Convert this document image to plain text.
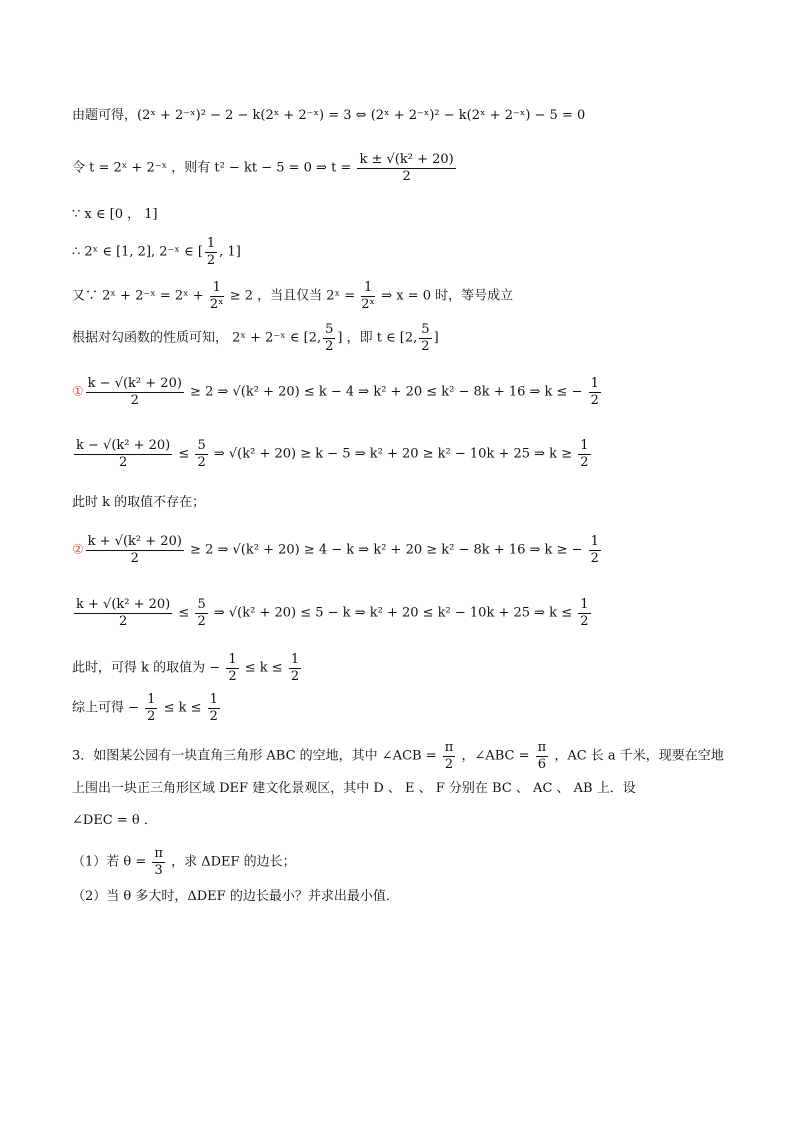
由题可得，(2ˣ + 2⁻ˣ)² − 2 − k(2ˣ + 2⁻ˣ) = 3 ⇔ (2ˣ + 2⁻ˣ)² − k(2ˣ + 2⁻ˣ) − 5 = 0
令 t = 2ˣ + 2⁻ˣ ，则有 t² − kt − 5 = 0 ⇒ $t = \frac{\text{k ± √(k² + 20)}}{2}$
∵ x ∈ [0 ， 1]
∴ 2ˣ ∈ [1, 2], 2⁻ˣ ∈ [ $\frac{1}{2}$ , 1]
又∵ 2ˣ + 2⁻ˣ = 2ˣ + $\frac{1}{\text{2ˣ}} \ge 2$ ，当且仅当 2ˣ = $\frac{1}{\text{2ˣ}}$ ⇒ x = 0 时，等号成立
根据对勾函数的性质可知， 2ˣ + 2⁻ˣ ∈ [2, $\frac{5}{2}$ ] ，即 t ∈ [2, $\frac{5}{2}$ ]
① $\frac{\text{k − √(k² + 20)}}{2} \ge 2$ ⇒ √(k² + 20) ≤ k − 4 ⇒ k² + 20 ≤ k² − 8k + 16 ⇒ k ≤ − $\frac{1}{2}$
$\frac{\text{k − √(k² + 20)}}{2} \le \frac{5}{2}$ ⇒ √(k² + 20) ≥ k − 5 ⇒ k² + 20 ≥ k² − 10k + 25 ⇒ $k \ge \frac{1}{2}$
此时 k 的取值不存在；
② $\frac{\text{k + √(k² + 20)}}{2} \ge 2$ ⇒ √(k² + 20) ≥ 4 − k ⇒ k² + 20 ≥ k² − 8k + 16 ⇒ k ≥ − $\frac{1}{2}$
$\frac{\text{k + √(k² + 20)}}{2} \le \frac{5}{2}$ ⇒ √(k² + 20) ≤ 5 − k ⇒ k² + 20 ≤ k² − 10k + 25 ⇒ $k \le \frac{1}{2}$
此时，可得 k 的取值为 − $\frac{1}{2} \le k \le \frac{1}{2}$
综上可得 − $\frac{1}{2} \le k \le \frac{1}{2}$
3．如图某公园有一块直角三角形 ABC 的空地，其中 ∠ACB = $\frac{\pi}{2}$ ，∠ABC = $\frac{\pi}{6}$ ，AC 长 a 千米，现要在空地
上围出一块正三角形区域 DEF 建文化景观区，其中 D 、 E 、 F 分别在 BC 、 AC 、 AB 上．设
∠DEC = θ ．
（1）若 $\theta = \frac{\pi}{3}$ ，求 ΔDEF 的边长；
（2）当 θ 多大时，ΔDEF 的边长最小？并求出最小值．
